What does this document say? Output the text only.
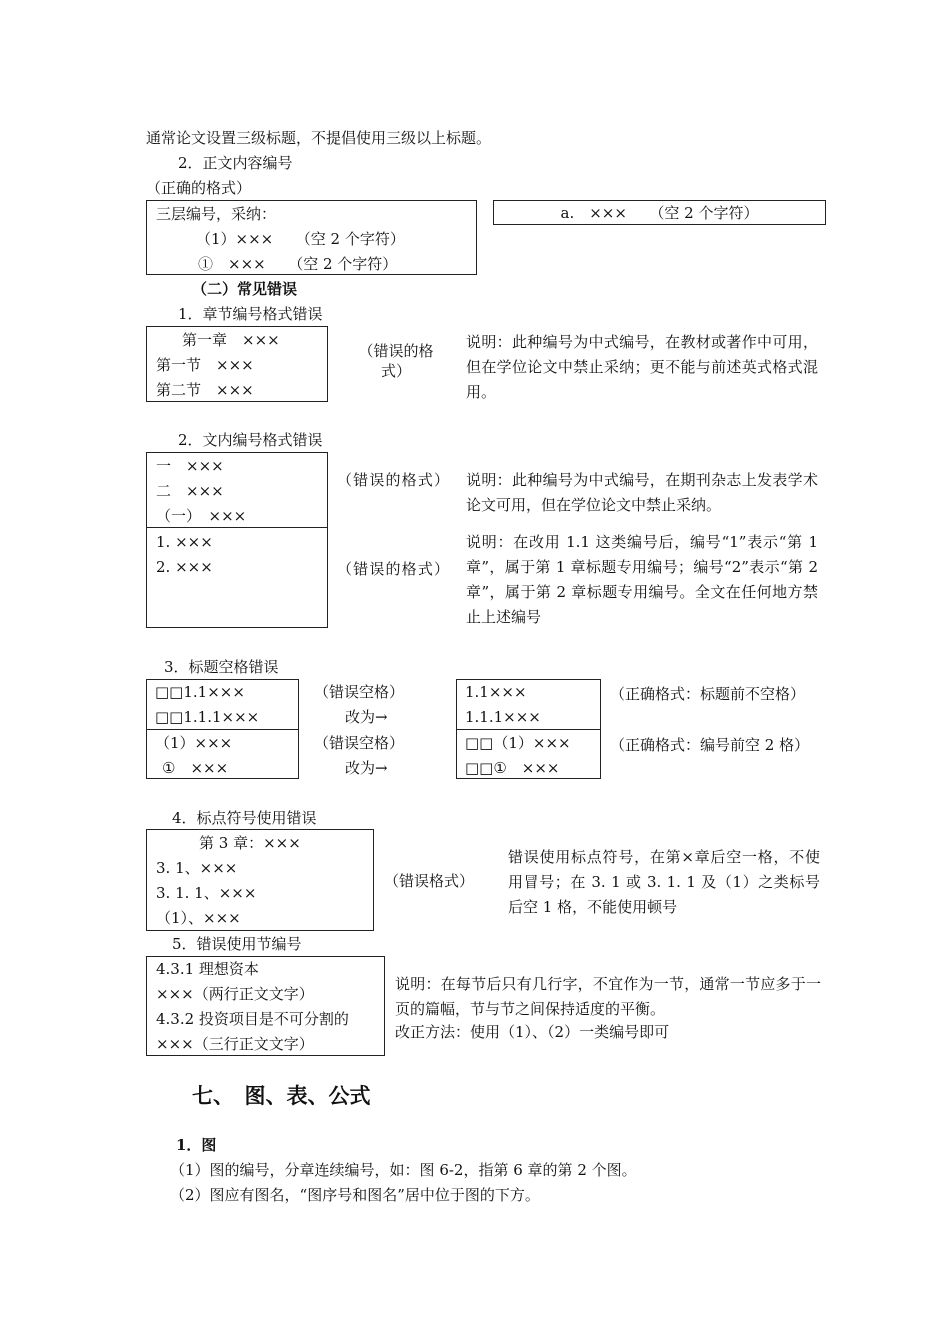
通常论文设置三级标题，不提倡使用三级以上标题。
2．正文内容编号
（正确的格式）
三层编号，采纳：
（1）×××　　（空 2 个字符）
①　×××　　（空 2 个字符）
a.　×××　　（空 2 个字符）
（二）常见错误
1．章节编号格式错误
第一章　×××
第一节　×××
第二节　×××
（错误的格式）
说明：此种编号为中式编号，在教材或著作中可用，但在学位论文中禁止采纳；更不能与前述英式格式混用。
2．文内编号格式错误
一　×××
二　×××
（一）　×××
1. ×××
2. ×××
（错误的格式）
（错误的格式）
说明：此种编号为中式编号，在期刊杂志上发表学术论文可用，但在学位论文中禁止采纳。
说明：在改用 1.1 这类编号后，编号“1”表示“第 1 章”，属于第 1 章标题专用编号；编号“2”表示“第 2 章”，属于第 2 章标题专用编号。全文在任何地方禁止上述编号
3．标题空格错误
□□1.1×××
□□1.1.1×××
（1）×××
①　×××
（错误空格）
改为→
（错误空格）
改为→
1.1×××
1.1.1×××
□□（1）×××
□□①　×××
（正确格式：标题前不空格）
（正确格式：编号前空 2 格）
4．标点符号使用错误
第 3 章：×××
3. 1、×××
3. 1. 1、×××
（1）、×××
（错误格式）
错误使用标点符号，在第×章后空一格，不使用冒号；在 3. 1 或 3. 1. 1 及（1）之类标号后空 1 格，不能使用顿号
5．错误使用节编号
4.3.1 理想资本
×××（两行正文文字）
4.3.2 投资项目是不可分割的
×××（三行正文文字）
说明：在每节后只有几行字，不宜作为一节，通常一节应多于一页的篇幅，节与节之间保持适度的平衡。
改正方法：使用（1）、（2）一类编号即可
七、　图、表、公式
1．图
（1）图的编号，分章连续编号，如：图 6-2，指第 6 章的第 2 个图。
（2）图应有图名，“图序号和图名”居中位于图的下方。
